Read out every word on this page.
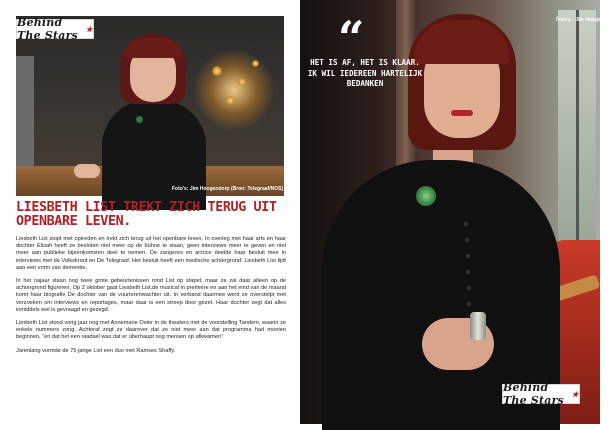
Behind The Stars ★
Foto’s: Jim Hoogendorp (Bron: Telegraaf/NOS)
LIESBETH LIST TREKT ZICH TERUG UIT OPENBARE LEVEN.

Liesbeth List stopt met optreden en trekt zich terug uit het openbare leven. In overleg met haar arts en haar dochter Elisah heeft ze besloten niet meer op de bühne te staan, geen interviews meer te geven en niet meer aan publieke bijeenkomsten deel te nemen. De zangeres en actrice deelde haar besluit mee in interviews met de Volkskrant en De Telegraaf. Het besluit heeft een medische achtergrond: Liesbeth List lijdt aan een vorm van dementie.

In het najaar staan nog twee grote gebeurtenissen rond List op stapel, maar ze zal daar alleen op de achtergrond figureren. Op 2 oktober gaat Liesbeth List,de musical in première en aan het eind van de maand komt haar biografie De dochter van de vuurtorenwachter uit. In verband daarmee werd ze overstelpt met verzoeken om interviews en reportages, maar daar is een streep door gezet. Haar dochter zegt dat alles inmiddels wel is gevraagd en gezegd.

Liesbeth List stond vorig jaar nog met Annemarie Oster in de theaters met de voorstelling Tandem, waarin ze enkele nummers zong. Achteraf zegt ze daarover dat ze niet meer aan dat programma had moeten beginnen, "en dat het een raadsel was dat er überhaupt nog mensen op afkwamen".

Jarenlang vormde de 75-jarige List een duo met Ramses Shaffy.

“
HET IS AF, HET IS KLAAR. IK WIL IEDEREEN HARTELIJK BEDANKEN
Foto’s - Jim Hoogendorp
Behind The Stars ★
